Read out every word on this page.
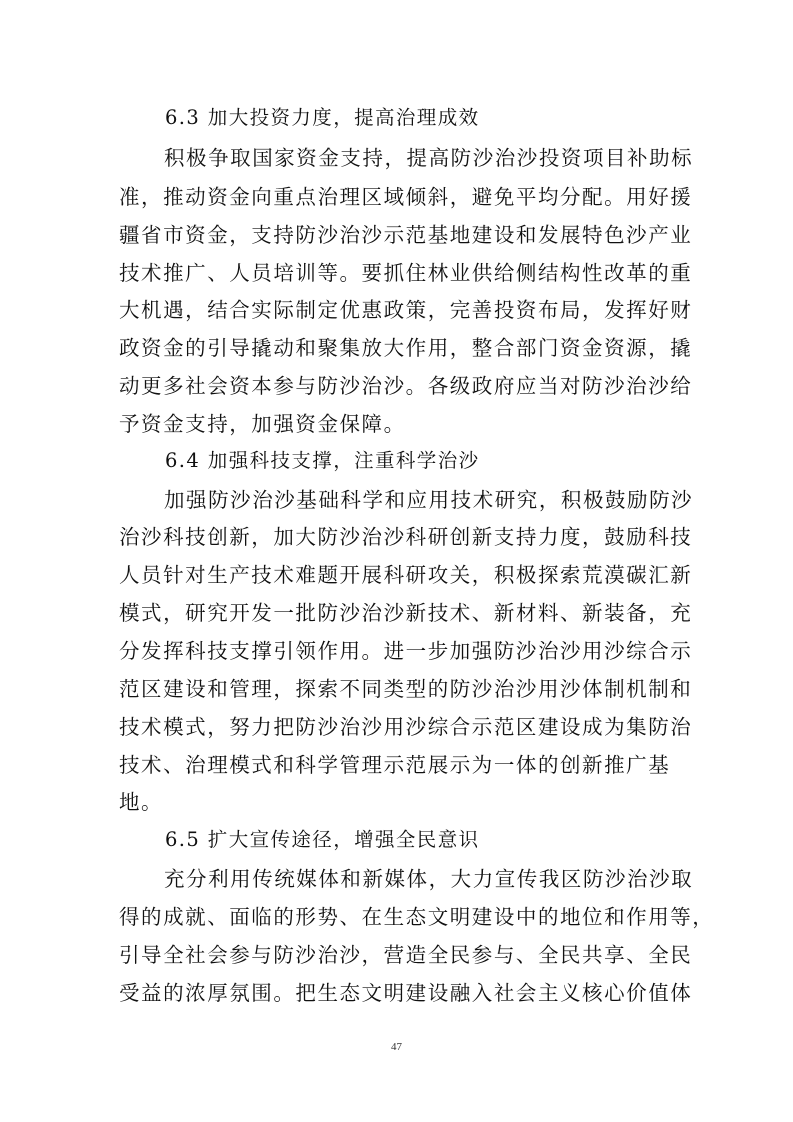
6.3 加大投资力度，提高治理成效
积极争取国家资金支持，提高防沙治沙投资项目补助标
准，推动资金向重点治理区域倾斜，避免平均分配。用好援
疆省市资金，支持防沙治沙示范基地建设和发展特色沙产业
技术推广、人员培训等。要抓住林业供给侧结构性改革的重
大机遇，结合实际制定优惠政策，完善投资布局，发挥好财
政资金的引导撬动和聚集放大作用，整合部门资金资源，撬
动更多社会资本参与防沙治沙。各级政府应当对防沙治沙给
予资金支持，加强资金保障。
6.4 加强科技支撑，注重科学治沙
加强防沙治沙基础科学和应用技术研究，积极鼓励防沙
治沙科技创新，加大防沙治沙科研创新支持力度，鼓励科技
人员针对生产技术难题开展科研攻关，积极探索荒漠碳汇新
模式，研究开发一批防沙治沙新技术、新材料、新装备，充
分发挥科技支撑引领作用。进一步加强防沙治沙用沙综合示
范区建设和管理，探索不同类型的防沙治沙用沙体制机制和
技术模式，努力把防沙治沙用沙综合示范区建设成为集防治
技术、治理模式和科学管理示范展示为一体的创新推广基
地。
6.5 扩大宣传途径，增强全民意识
充分利用传统媒体和新媒体，大力宣传我区防沙治沙取
得的成就、面临的形势、在生态文明建设中的地位和作用等，
引导全社会参与防沙治沙，营造全民参与、全民共享、全民
受益的浓厚氛围。把生态文明建设融入社会主义核心价值体
47
